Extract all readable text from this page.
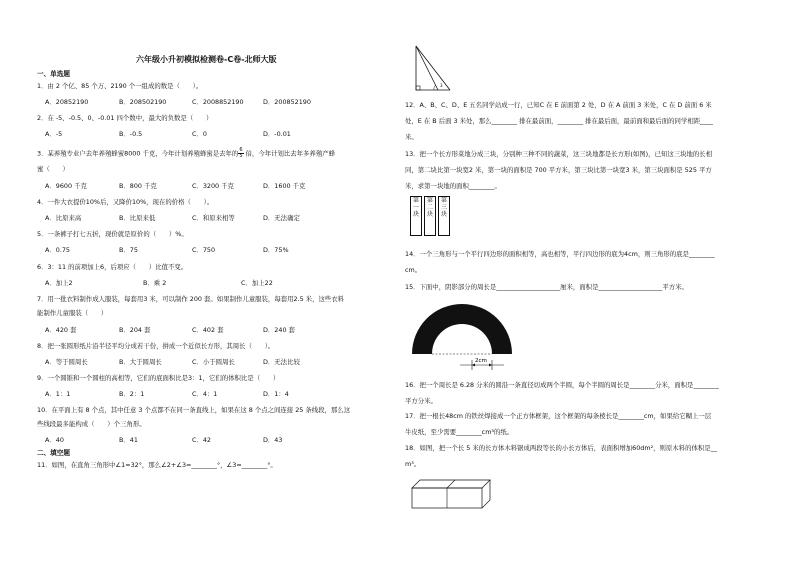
六年级小升初模拟检测卷-C卷-北师大版
一、单选题
1．由 2 个亿、85 个万、2190 个一组成的数是（　　）。
A．20852190	B．208502190	C．2008852190	D．200852190
2．在 -5、-0.5、0、-0.01 四个数中，最大的负数是（　　）
A．-5	B．-0.5	C．0	D．-0.01
3．某养殖专业户去年养殖蜂蜜8000 千克，今年计划养殖蜂蜜是去年的 $\frac{6}{5}$ 倍，今年计划比去年多养殖产蜂
蜜（　　）
A．9600 千克	B．800 千克	C．3200 千克	D．1600 千克
4．一件大衣提价10%后，又降价10%，现在的价格（　　）。
A．比原来高	B．比原来低	C．和原来相等	D．无法确定
5．一条裤子打七五折，现价就是原价的（　　）%。
A．0.75	B．75	C．750	D．75%
6．3：11 的前项加上6，后项应（　　）比值不变。
A．加上2	B．乘 2	C．加上22
7．用一批衣料制作成人服装，每套用3 米，可以制作 200 套。如果制作儿童服装，每套用2.5 米，这些衣料
能制作儿童服装（　　）
A．420 套	B．204 套	C．402 套	D．240 套
8．把一张圆形纸片沿半径平均分成若干份，拼成一个近似长方形，其周长（　　）。
A．等于圆周长	B．大于圆周长	C．小于圆周长	D．无法比较
9．一个圆锥和一个圆柱的高相等，它们的底面积比是3：1，它们的体积比是（　　）
A．1：1	B．2：1	C．4：1	D．1：4
10．在平面上有 8 个点，其中任意 3 个点都不在同一条直线上，如果在这 8 个点之间连接 25 条线段，那么这
些线段最多能构成（　　）个三角形。
A．40	B．41	C．42	D．43
二、填空题
11．如图，在直角三角形中∠1=32°，那么∠2+∠3=________°，∠3=________°。
3
12．A、B、C、D、E 五名同学站成一行，已知C 在 E 前面第 2 处，D 在 A 前面 3 米处，C 在 D 前面 6 米
处，E 在 B 后面 3 米处，那么________ 排在最前面，________ 排在最后面，最前面和最后面的同学相距____
米。
13．把一个长方形菜地分成三块，分别种三种不同的蔬菜，这三块地都是长方形(如图)，已知这三块地的长相
同，第二块比第一块宽2 米，第一块的面积是 700 平方米，第三块比第一块宽3 米，第三块面积是 525 平方
米，求第一块地的面积________。
第一块
第二块
第三块
14．一个三角形与一个平行四边形的面积相等，高也相等，平行四边形的底为4cm，则三角形的底是________
cm。
15．下面中，阴影部分的周长是____________________厘米，面积是____________________平方米。
2cm
16．把一个周长是 6.28 分米的圆沿一条直径切成两个半圆，每个半圆的周长是________分米，面积是________
平方分米。
17．把一根长48cm 的铁丝焊接成一个正方体框架，这个框架的每条棱长是________cm，如果给它糊上一层
牛皮纸，至少需要________cm³的纸。
18．如图，把一个长 5 米的长方体木料锯成两段等长的小长方体后，表面积增加60dm²，则原木料的体积是__
m³。
